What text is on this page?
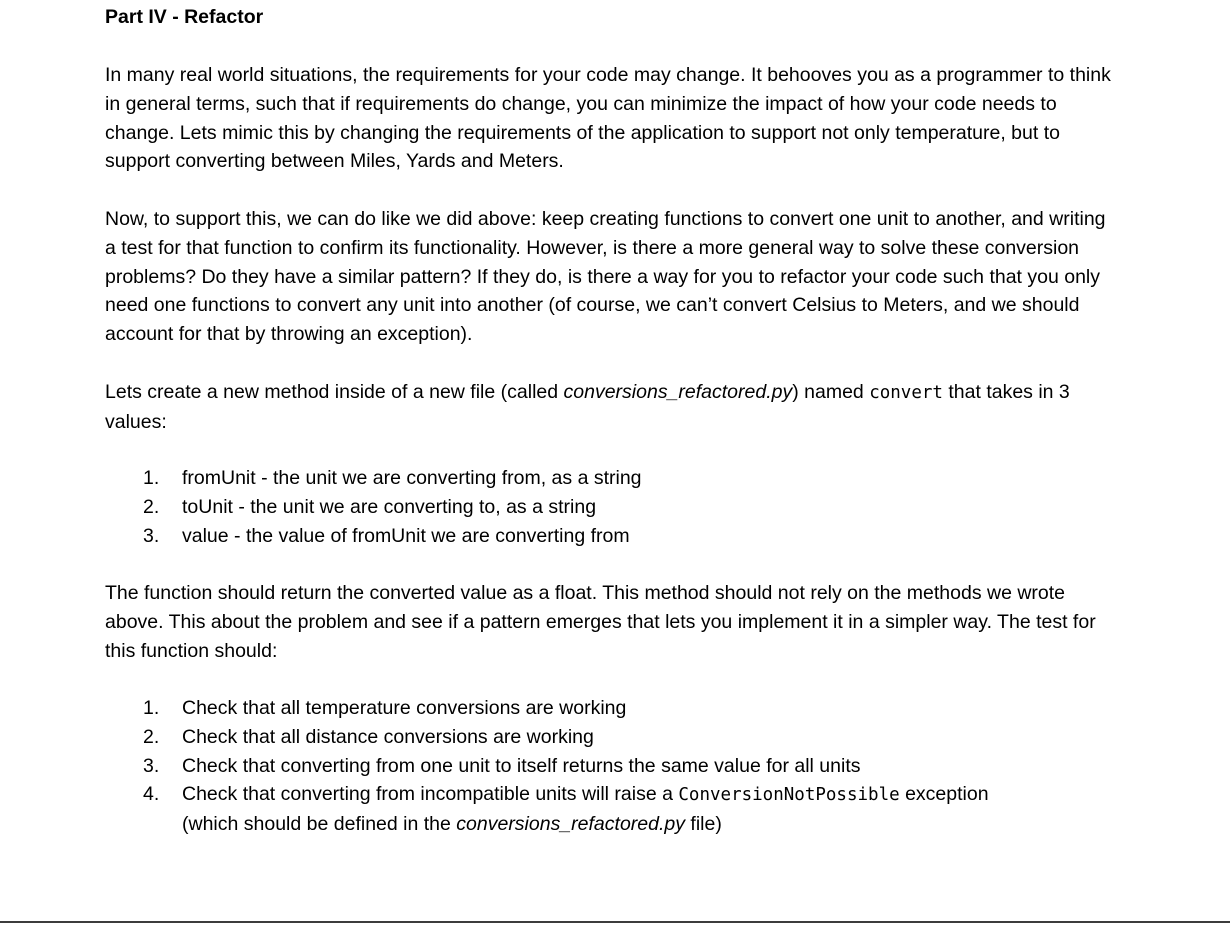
Part IV - Refactor
In many real world situations, the requirements for your code may change. It behooves you as a programmer to think in general terms, such that if requirements do change, you can minimize the impact of how your code needs to change. Lets mimic this by changing the requirements of the application to support not only temperature, but to support converting between Miles, Yards and Meters.
Now, to support this, we can do like we did above: keep creating functions to convert one unit to another, and writing a test for that function to confirm its functionality. However, is there a more general way to solve these conversion problems? Do they have a similar pattern? If they do, is there a way for you to refactor your code such that you only need one functions to convert any unit into another (of course, we can’t convert Celsius to Meters, and we should account for that by throwing an exception).
Lets create a new method inside of a new file (called conversions_refactored.py) named convert that takes in 3 values:
1.	fromUnit - the unit we are converting from, as a string
2.	toUnit - the unit we are converting to, as a string
3.	value - the value of fromUnit we are converting from
The function should return the converted value as a float. This method should not rely on the methods we wrote above. This about the problem and see if a pattern emerges that lets you implement it in a simpler way. The test for this function should:
1.	Check that all temperature conversions are working
2.	Check that all distance conversions are working
3.	Check that converting from one unit to itself returns the same value for all units
4.	Check that converting from incompatible units will raise a ConversionNotPossible exception
(which should be defined in the conversions_refactored.py file)
